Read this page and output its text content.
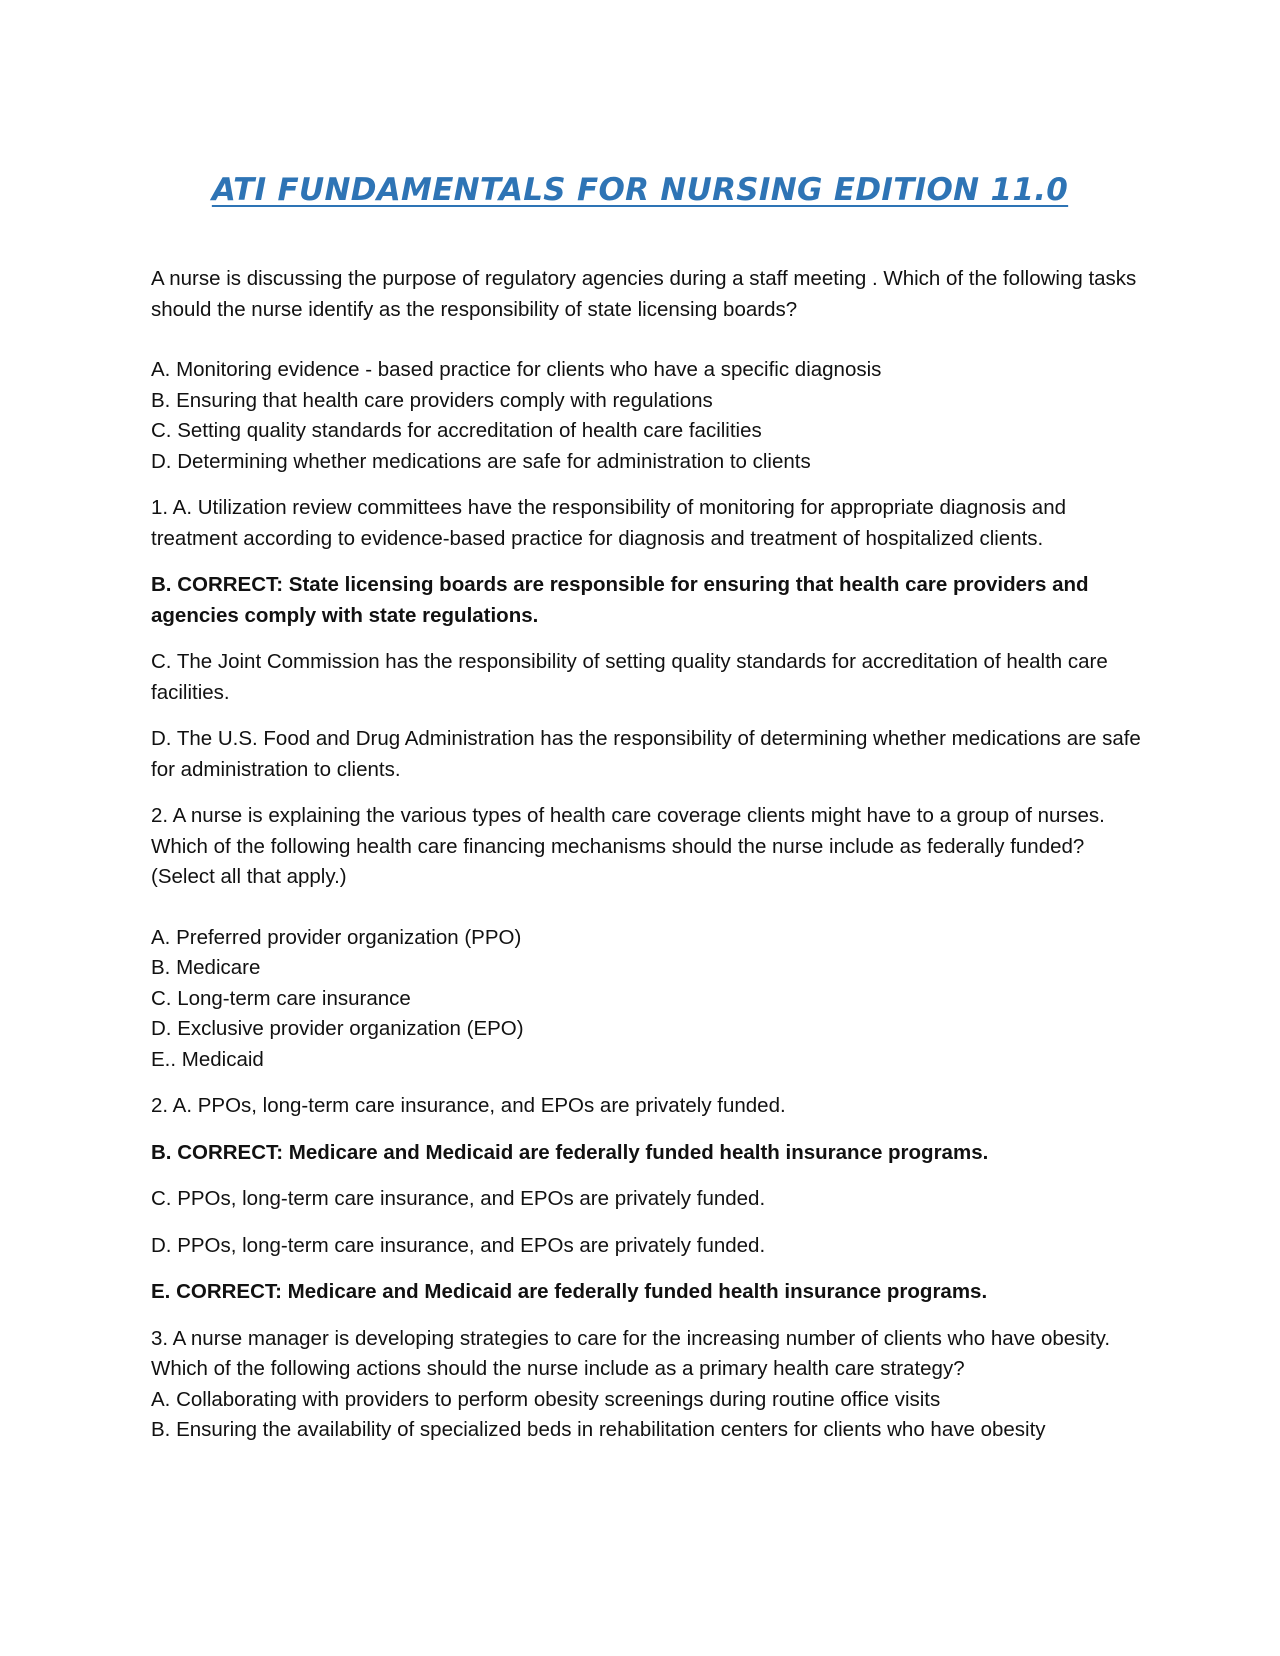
ATI FUNDAMENTALS FOR NURSING EDITION 11.0

A nurse is discussing the purpose of regulatory agencies during a staff meeting . Which of the following tasks should the nurse identify as the responsibility of state licensing boards?

A. Monitoring evidence - based practice for clients who have a specific diagnosis
B. Ensuring that health care providers comply with regulations
C. Setting quality standards for accreditation of health care facilities
D. Determining whether medications are safe for administration to clients

1. A. Utilization review committees have the responsibility of monitoring for appropriate diagnosis and treatment according to evidence-based practice for diagnosis and treatment of hospitalized clients.

B. CORRECT: State licensing boards are responsible for ensuring that health care providers and agencies comply with state regulations.

C. The Joint Commission has the responsibility of setting quality standards for accreditation of health care facilities.

D. The U.S. Food and Drug Administration has the responsibility of determining whether medications are safe for administration to clients.

2. A nurse is explaining the various types of health care coverage clients might have to a group of nurses. Which of the following health care financing mechanisms should the nurse include as federally funded? (Select all that apply.)

A. Preferred provider organization (PPO)
B. Medicare
C. Long-term care insurance
D. Exclusive provider organization (EPO)
E.. Medicaid

2. A. PPOs, long-term care insurance, and EPOs are privately funded.

B. CORRECT: Medicare and Medicaid are federally funded health insurance programs.

C. PPOs, long-term care insurance, and EPOs are privately funded.

D. PPOs, long-term care insurance, and EPOs are privately funded.

E. CORRECT: Medicare and Medicaid are federally funded health insurance programs.

3. A nurse manager is developing strategies to care for the increasing number of clients who have obesity. Which of the following actions should the nurse include as a primary health care strategy?

A. Collaborating with providers to perform obesity screenings during routine office visits
B. Ensuring the availability of specialized beds in rehabilitation centers for clients who have obesity
